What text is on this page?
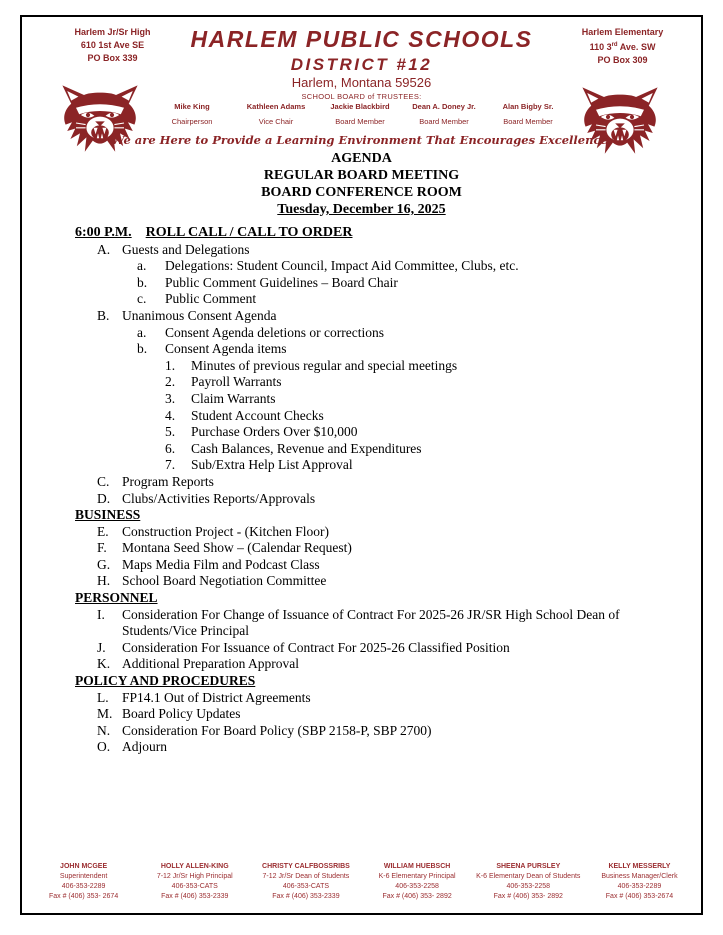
Harlem Jr/Sr High
610 1st Ave SE
PO Box 339
Harlem Elementary
110 3rd Ave. SW
PO Box 309
HARLEM PUBLIC SCHOOLS
DISTRICT #12
Harlem, Montana 59526
SCHOOL BOARD of TRUSTEES:
Mike King
Chairperson
Kathleen Adams
Vice Chair
Jackie Blackbird
Board Member
Dean A. Doney Jr.
Board Member
Alan Bigby Sr.
Board Member
“We are Here to Provide a Learning Environment That Encourages Excellence.”
AGENDA
REGULAR BOARD MEETING
BOARD CONFERENCE ROOM
Tuesday, December 16, 2025
6:00 P.M. ROLL CALL / CALL TO ORDER
A. Guests and Delegations
a.	Delegations: Student Council, Impact Aid Committee, Clubs, etc.
b.	Public Comment Guidelines – Board Chair
c.	Public Comment
B. Unanimous Consent Agenda
a.	Consent Agenda deletions or corrections
b.	Consent Agenda items
1.	Minutes of previous regular and special meetings
2.	Payroll Warrants
3.	Claim Warrants
4.	Student Account Checks
5.	Purchase Orders Over $10,000
6.	Cash Balances, Revenue and Expenditures
7.	Sub/Extra Help List Approval
C. Program Reports
D. Clubs/Activities Reports/Approvals
BUSINESS
E. Construction Project - (Kitchen Floor)
F.	Montana Seed Show – (Calendar Request)
G. Maps Media Film and Podcast Class
H. School Board Negotiation Committee
PERSONNEL
I.	Consideration For Change of Issuance of Contract For 2025-26 JR/SR High School Dean of Students/Vice Principal
J.	Consideration For Issuance of Contract For 2025-26 Classified Position
K. Additional Preparation Approval
POLICY AND PROCEDURES
L. FP14.1 Out of District Agreements
M. Board Policy Updates
N. Consideration For Board Policy (SBP 2158-P, SBP 2700)
O. Adjourn
JOHN MCGEE
Superintendent
406-353-2289
Fax # (406) 353- 2674
HOLLY ALLEN-KING
7-12 Jr/Sr High Principal
406-353-CATS
Fax # (406) 353-2339
CHRISTY CALFBOSSRIBS
7-12 Jr/Sr Dean of Students
406-353-CATS
Fax # (406) 353-2339
WILLIAM HUEBSCH
K-6 Elementary Principal
406-353-2258
Fax # (406) 353- 2892
SHEENA PURSLEY
K-6 Elementary Dean of Students
406-353-2258
Fax # (406) 353- 2892
KELLY MESSERLY
Business Manager/Clerk
406-353-2289
Fax # (406) 353-2674
